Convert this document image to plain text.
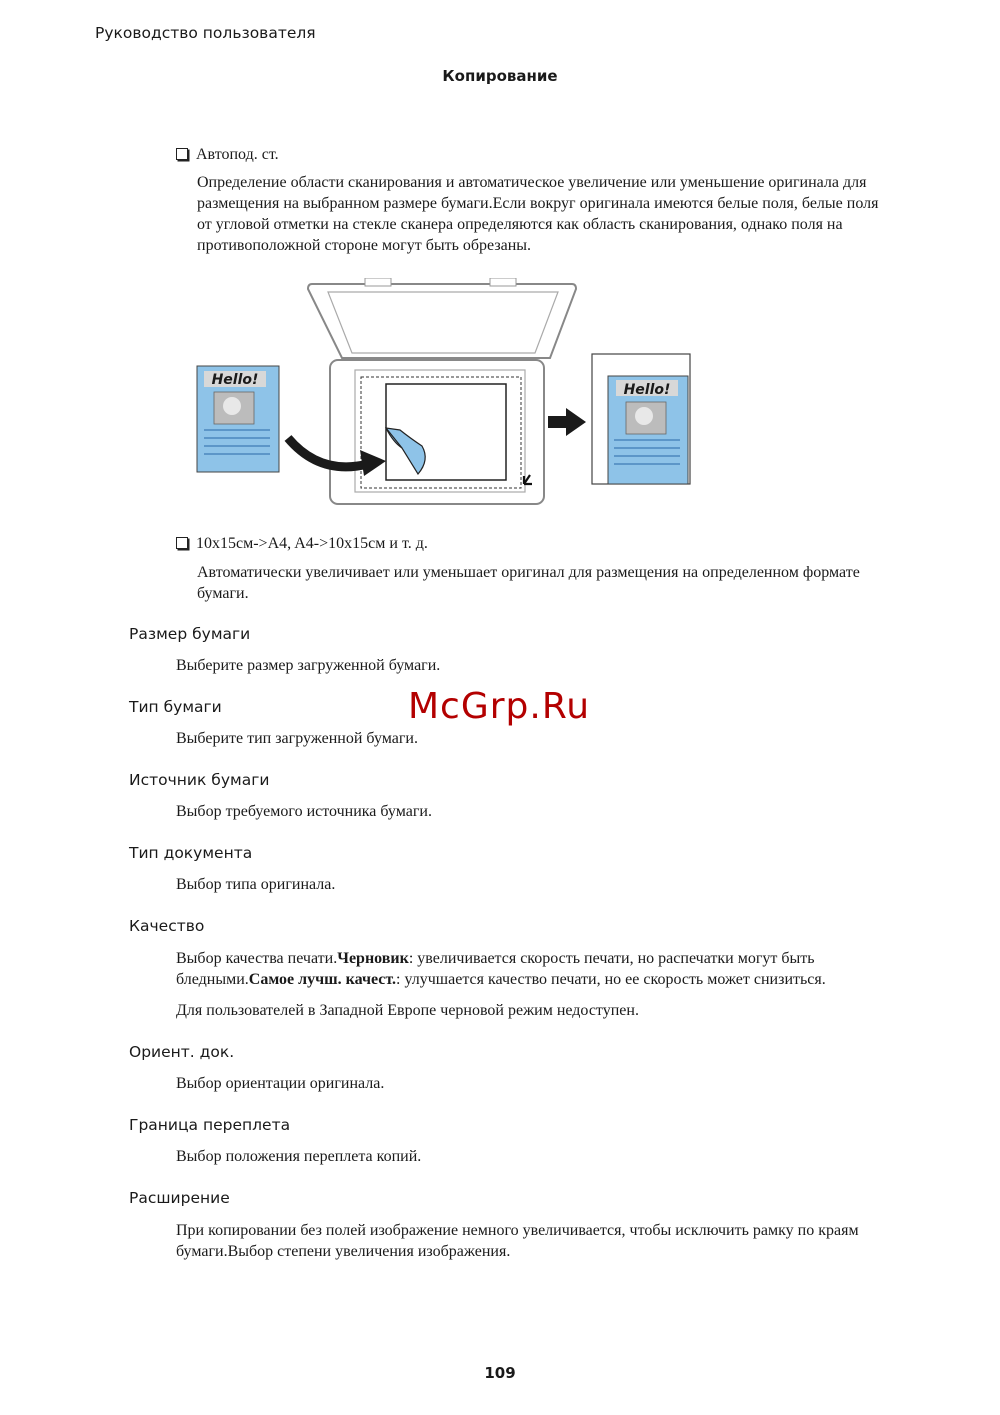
Руководство пользователя
Копирование
Автопод. ст.
Определение области сканирования и автоматическое увеличение или уменьшение оригинала для размещения на выбранном размере бумаги.Если вокруг оригинала имеются белые поля, белые поля от угловой отметки на стекле сканера определяются как область сканирования, однако поля на противоположной стороне могут быть обрезаны.
Hello!
Hello!
10x15см->A4, A4->10x15см и т. д.
Автоматически увеличивает или уменьшает оригинал для размещения на определенном формате бумаги.
Размер бумаги
Выберите размер загруженной бумаги.
Тип бумаги
Выберите тип загруженной бумаги.
Источник бумаги
Выбор требуемого источника бумаги.
Тип документа
Выбор типа оригинала.
Качество
Выбор качества печати.Черновик: увеличивается скорость печати, но распечатки могут быть бледными.Самое лучш. качест.: улучшается качество печати, но ее скорость может снизиться.
Для пользователей в Западной Европе черновой режим недоступен.
Ориент. док.
Выбор ориентации оригинала.
Граница переплета
Выбор положения переплета копий.
Расширение
При копировании без полей изображение немного увеличивается, чтобы исключить рамку по краям бумаги.Выбор степени увеличения изображения.
McGrp.Ru
109
